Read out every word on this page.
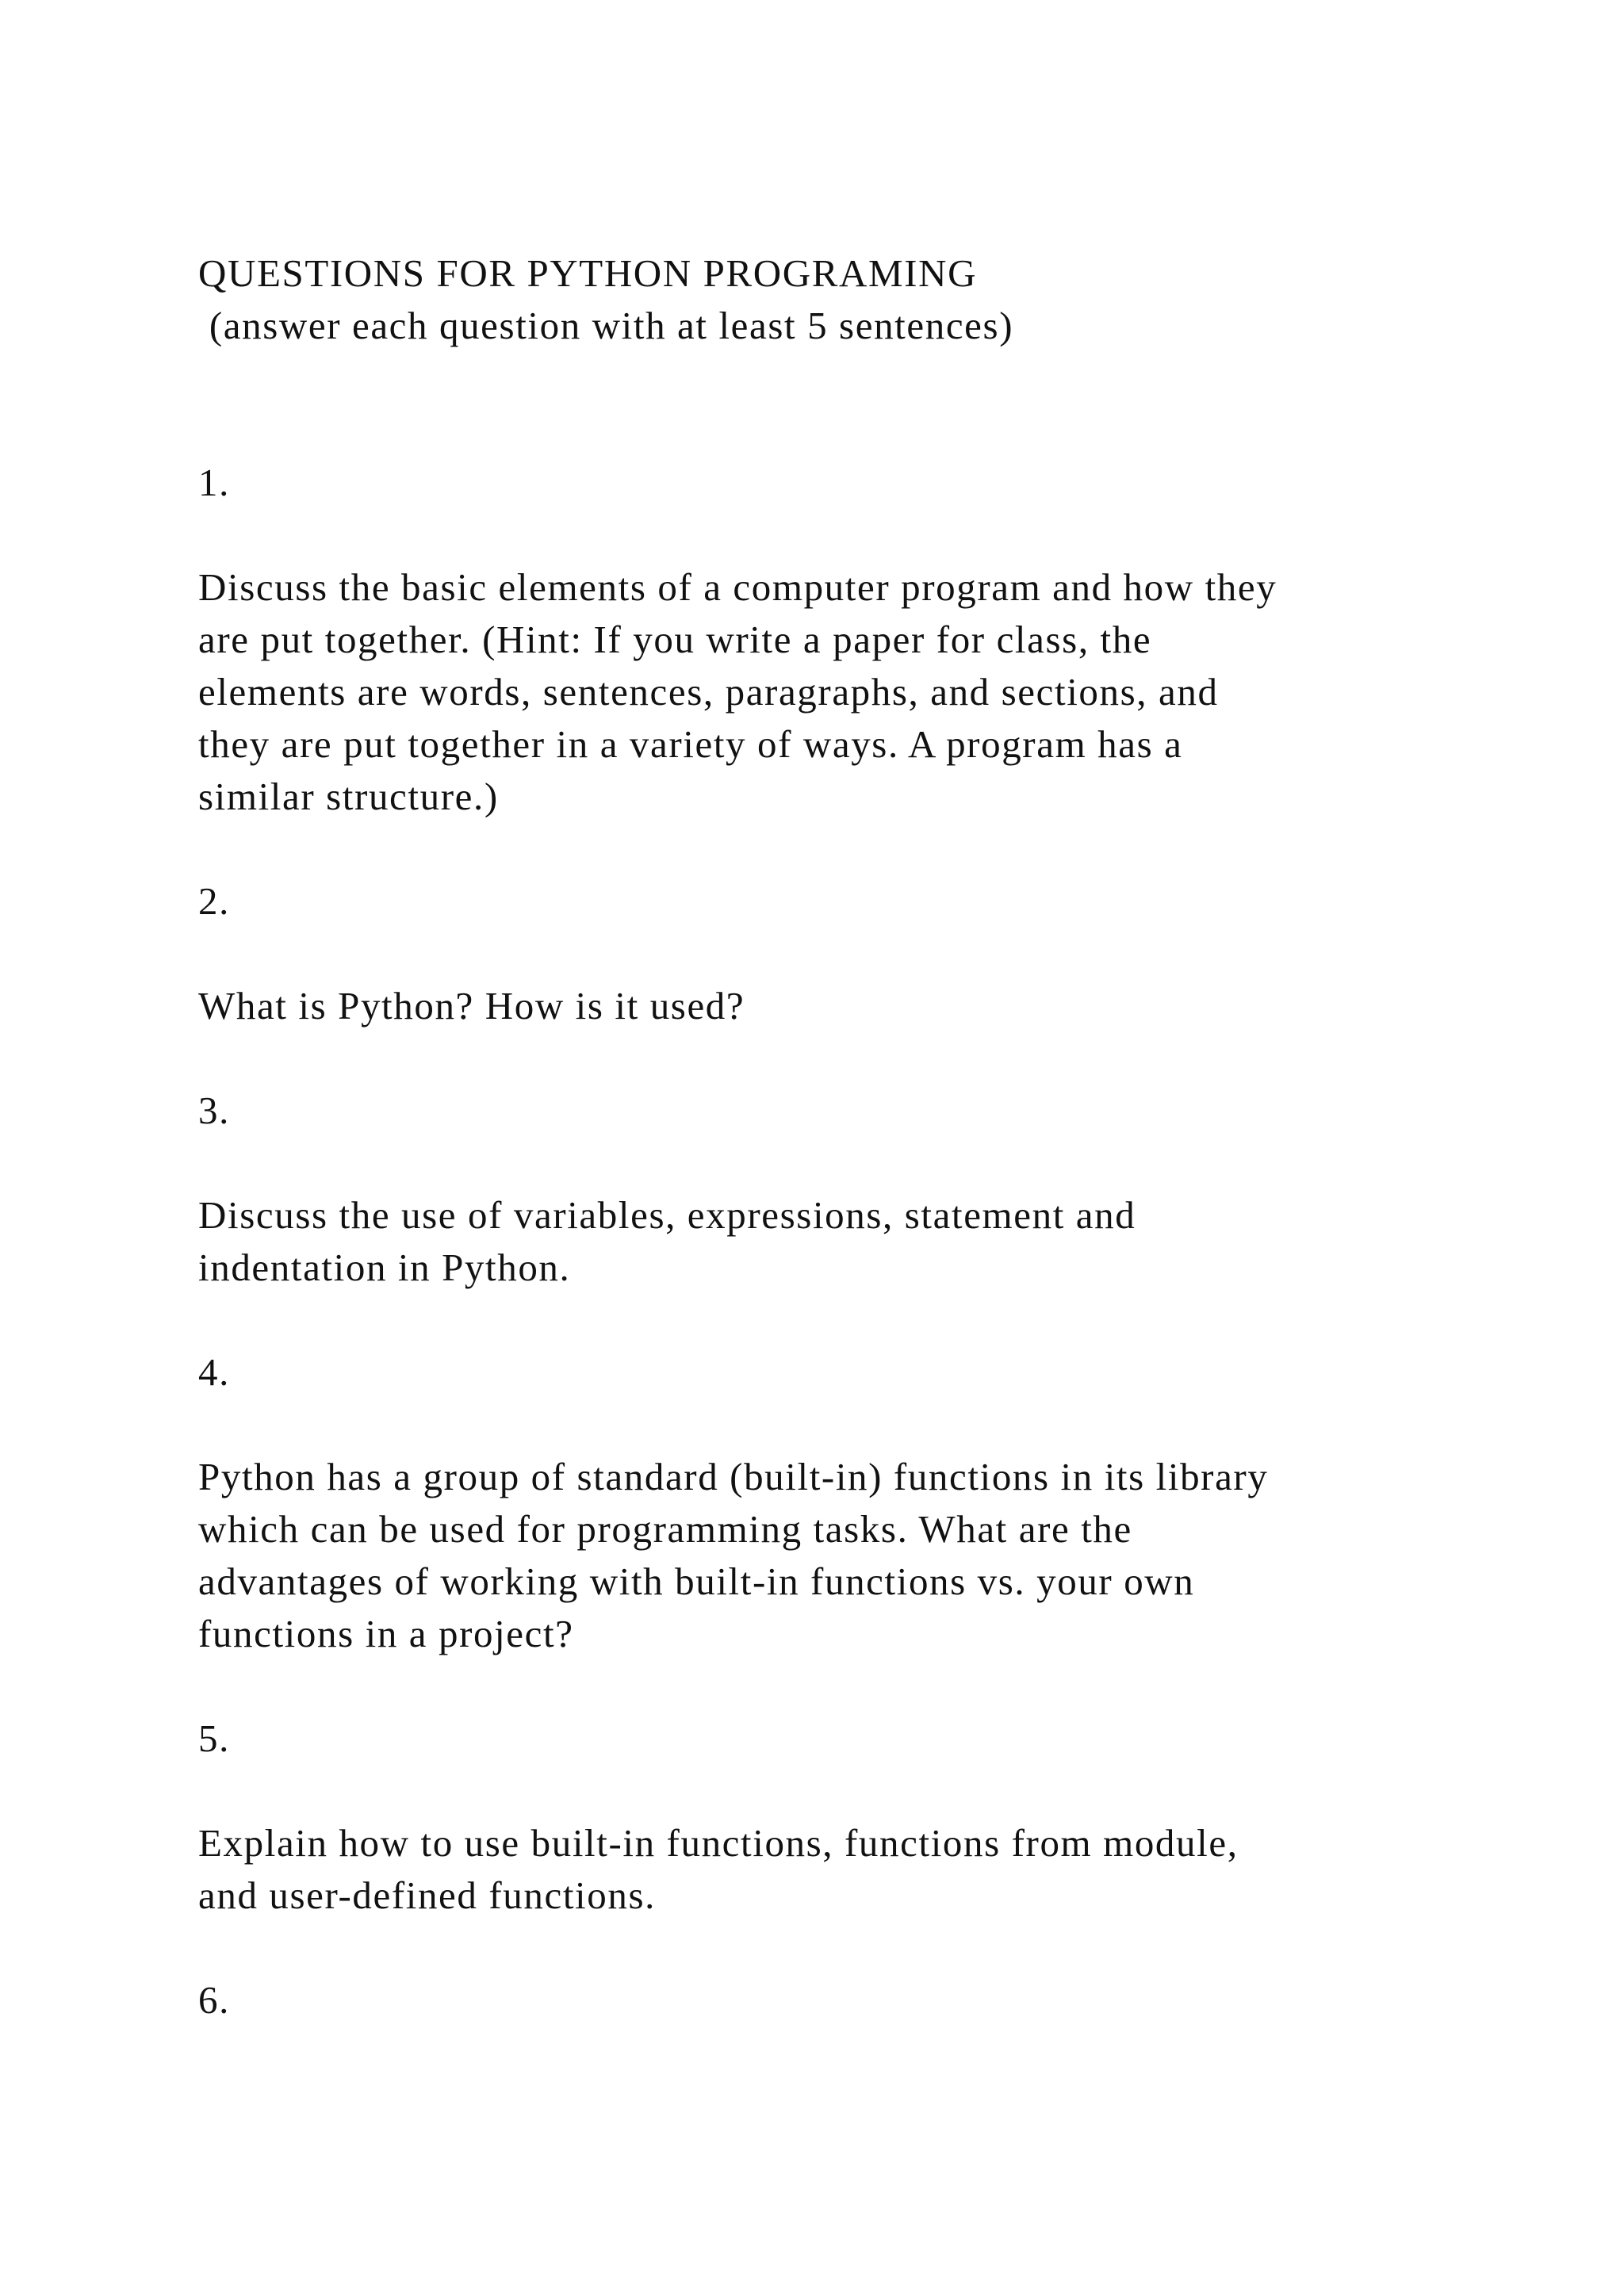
QUESTIONS FOR PYTHON PROGRAMING
(answer each question with at least 5 sentences)
1.
Discuss the basic elements of a computer program and how they
are put together. (Hint: If you write a paper for class, the
elements are words, sentences, paragraphs, and sections, and
they are put together in a variety of ways. A program has a
similar structure.)
2.
What is Python? How is it used?
3.
Discuss the use of variables, expressions, statement and
indentation in Python.
4.
Python has a group of standard (built-in) functions in its library
which can be used for programming tasks. What are the
advantages of working with built-in functions vs. your own
functions in a project?
5.
Explain how to use built-in functions, functions from module,
and user-defined functions.
6.
